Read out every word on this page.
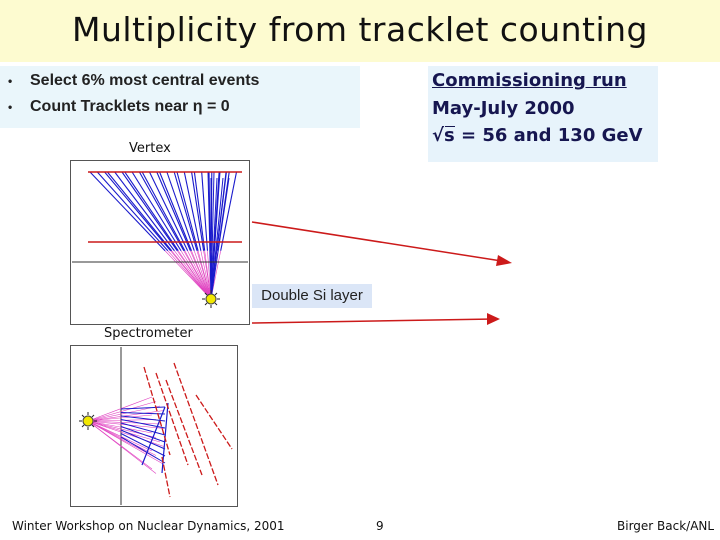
Multiplicity from tracklet counting
• Select 6% most central events
• Count Tracklets near η = 0
Commissioning run
May-July 2000
√s = 56 and 130 GeV
Vertex
Double Si layer
Spectrometer
Winter Workshop on Nuclear Dynamics, 2001	9	Birger Back/ANL
